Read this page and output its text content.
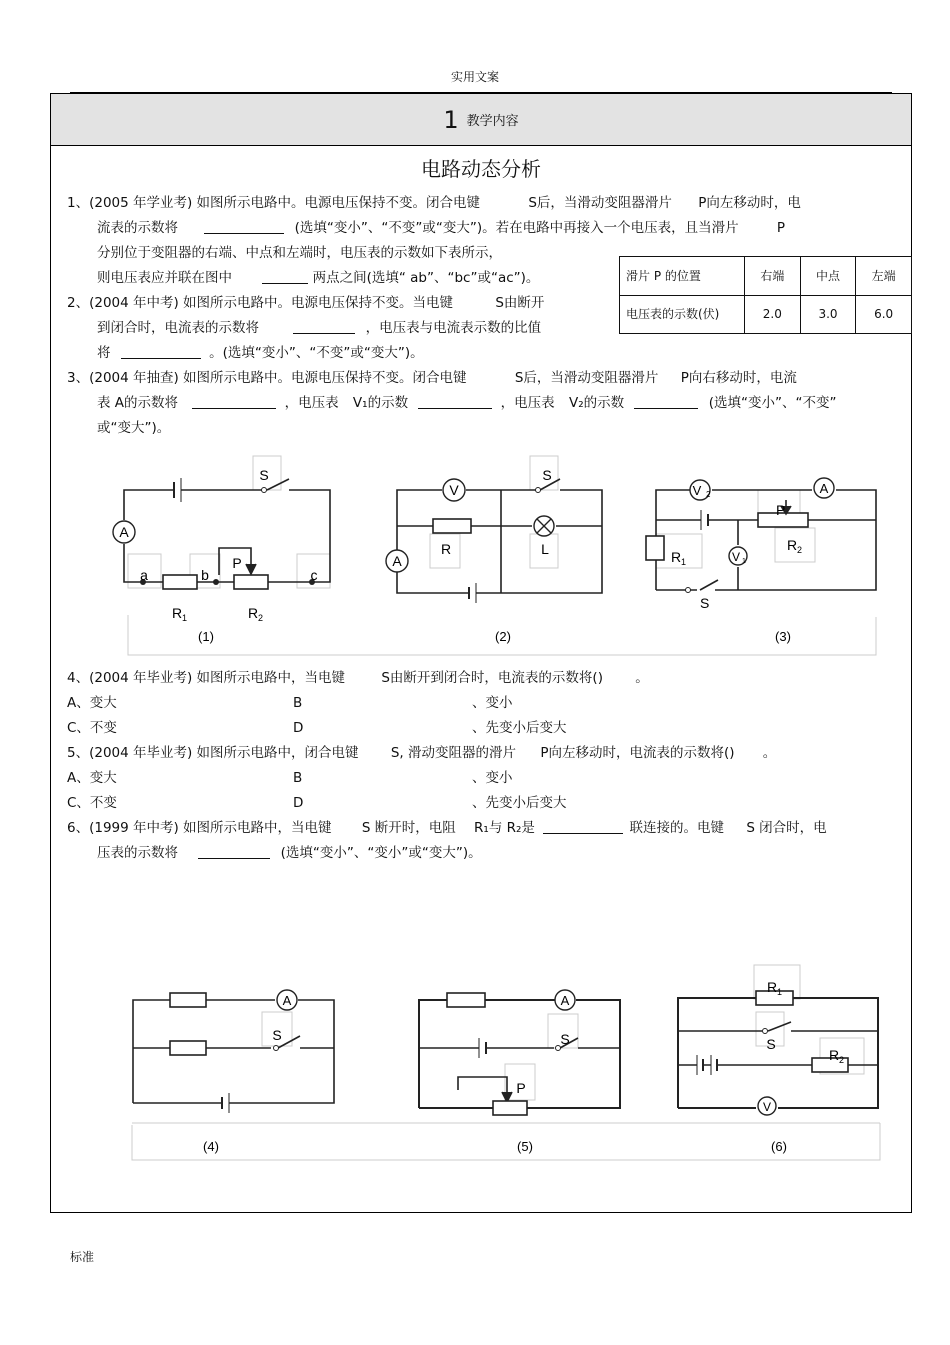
实用文案
1 教学内容
电路动态分析
1、(2005 年学业考) 如图所示电路中。电源电压保持不变。闭合电键	S后，当滑动变阻器滑片 P向左移动时，电
流表的示数将	(选填“变小”、“不变”或“变大”)。若在电路中再接入一个电压表，且当滑片	P
分别位于变阻器的右端、中点和左端时，电压表的示数如下表所示，
则电压表应并联在图中	两点之间(选填“ ab”、“bc”或“ac”)。	滑片 P 的位置	右端	中点	左端
电压表的示数(伏)	2.0	3.0	6.0
2、(2004 年中考) 如图所示电路中。电源电压保持不变。当电键	S由断开
到闭合时，电流表的示数将	，电压表与电流表示数的比值
将	。(选填“变小”、“不变”或“变大”)。
3、(2004 年抽查) 如图所示电路中。电源电压保持不变。闭合电键	S后，当滑动变阻器滑片 P向右移动时，电流
表 A的示数将	，电压表 V₁的示数	，电压表 V₂的示数	(选填“变小”、“不变”
或“变大”)。
A
S
a	b	c
P
R 1	R 2
V
A
S
R	L
V 2	A
V 1
P
R 1
R 2
S
(1)	(2)	(3)
4、(2004 年毕业考) 如图所示电路中，当电键	S由断开到闭合时，电流表的示数将() 。
A、变大	B	、变小
C、不变	D	、先变小后变大
5、(2004 年毕业考) 如图所示电路中，闭合电键 S, 滑动变阻器的滑片 P向左移动时，电流表的示数将() 。
A、变大	B	、变小
C、不变	D	、先变小后变大
6、(1999 年中考) 如图所示电路中，当电键 S 断开时，电阻 R₁与 R₂是	联连接的。电键 S 闭合时，电
压表的示数将	(选填“变小”、“变小”或“变大”)。
A
S
A
S
P
V
S
R 1
R 2
(4)	(5)	(6)
标准
